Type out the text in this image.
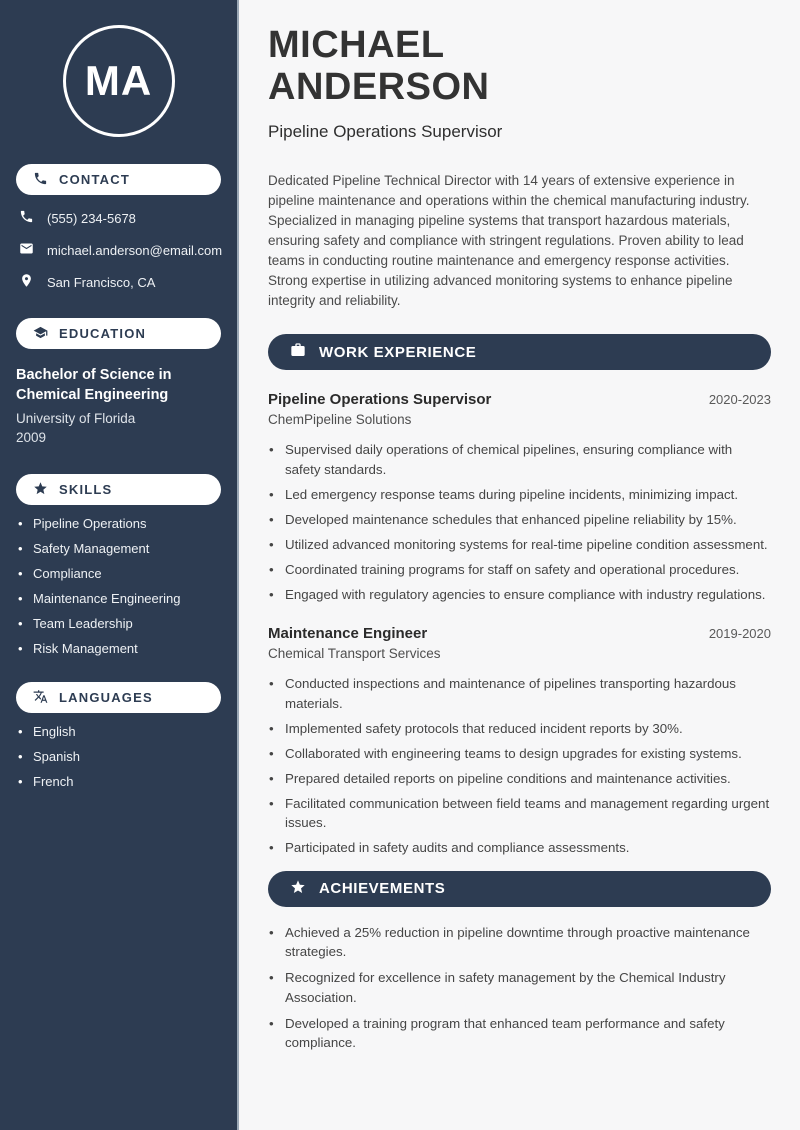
MA
CONTACT
(555) 234-5678
michael.anderson@email.com
San Francisco, CA
EDUCATION
Bachelor of Science in Chemical Engineering
University of Florida
2009
SKILLS
• Pipeline Operations
• Safety Management
• Compliance
• Maintenance Engineering
• Team Leadership
• Risk Management
LANGUAGES
• English
• Spanish
• French
MICHAEL
ANDERSON
Pipeline Operations Supervisor

Dedicated Pipeline Technical Director with 14 years of extensive experience in pipeline maintenance and operations within the chemical manufacturing industry. Specialized in managing pipeline systems that transport hazardous materials, ensuring safety and compliance with stringent regulations. Proven ability to lead teams in conducting routine maintenance and emergency response activities. Strong expertise in utilizing advanced monitoring systems to enhance pipeline integrity and reliability.

WORK EXPERIENCE
Pipeline Operations Supervisor	2020-2023
ChemPipeline Solutions
• Supervised daily operations of chemical pipelines, ensuring compliance with safety standards.
• Led emergency response teams during pipeline incidents, minimizing impact.
• Developed maintenance schedules that enhanced pipeline reliability by 15%.
• Utilized advanced monitoring systems for real-time pipeline condition assessment.
• Coordinated training programs for staff on safety and operational procedures.
• Engaged with regulatory agencies to ensure compliance with industry regulations.
Maintenance Engineer	2019-2020
Chemical Transport Services
• Conducted inspections and maintenance of pipelines transporting hazardous materials.
• Implemented safety protocols that reduced incident reports by 30%.
• Collaborated with engineering teams to design upgrades for existing systems.
• Prepared detailed reports on pipeline conditions and maintenance activities.
• Facilitated communication between field teams and management regarding urgent issues.
• Participated in safety audits and compliance assessments.
ACHIEVEMENTS
• Achieved a 25% reduction in pipeline downtime through proactive maintenance strategies.
• Recognized for excellence in safety management by the Chemical Industry Association.
• Developed a training program that enhanced team performance and safety compliance.
